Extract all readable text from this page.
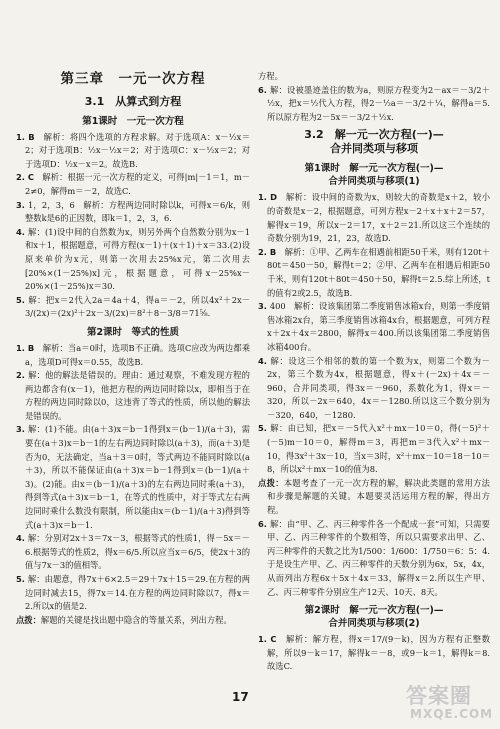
第三章　一元一次方程
3.1　从算式到方程
第1课时　一元一次方程

1. B　解析：将四个选项的方程求解。对于选项A：x－½x＝2；对于选项B：½x－½x＝2；对于选项C：x－½x＝2；对于选项D：½x－x＝2。故选B.

2. C　解析：根据一元一次方程的定义，可得|m|－1＝1，m－2≠0，解得m＝－2，故选C.

3. 1，2，3，6　解析：方程两边同时除以k，可得x＝6/k，则整数k是6的正因数，即k＝1，2，3，6.

4. 解：(1)设中间的自然数为x，则另外两个自然数分别为x－1和x＋1，根据题意，可得方程(x－1)＋(x＋1)＋x＝33.(2)设原来单价为x元，则第一次用去25%x元，第二次用去[20%×(1－25%)x]元，根据题意，可得x－25%x－20%×(1－25%)x＝30.

5. 解：把x＝2代入2a＝4a＋4，得a＝－2，所以4x²＋2x－3/(2x)＝(2x)²＋2x－3/(2x)＝8²＋8－3/8＝71⅝.

第2课时　等式的性质

1. B　解析：当a＝0时，选项B不正确。选项C应改为两边都乘a，选项D可得x＝0.55，故选B.

2. 解：他的解法是错误的。理由：通过观察，不难发现方程的两边都含有(x－1)，他把方程的两边同时除以x，即相当于在方程的两边同时除以0，这违背了等式的性质，所以他的解法是错误的。

3. 解：(1)不能。由(a＋3)x＝b－1得到x＝(b－1)/(a＋3)，需要在(a＋3)x＝b－1的左右两边同时除以(a＋3)，而(a＋3)是否为0，无法确定，当a＋3＝0时，等式两边不能同时除以(a＋3)，所以不能保证由(a＋3)x＝b－1得到x＝(b－1)/(a＋3)。(2)能。由x＝(b－1)/(a＋3)的左右两边同时乘(a＋3)，得到等式(a＋3)x＝b－1，在等式的性质中，对于等式左右两边同时乘什么数没有限制，所以能由x＝(b－1)/(a＋3)得到等式(a＋3)x＝b－1.

4. 解：分别对2x＋3＝7x－3，根据等式的性质1，得－5x＝－6.根据等式的性质2，得x＝6/5.所以应当x＝6/5，使2x＋3的值与7x－3的值相等。

5. 解：由题意，得7x＋6×2.5＝29＋7x＋15＝29.在方程的两边同时减去15，得7x＝14.在方程的两边同时除以7，得x＝2.所以x的值是2.

点拨：解题的关键是找出题中隐含的等量关系，列出方程。

方程。

6. 解：设被墨迹盖住的数为a，则原方程变为2－ax＝－3/2＋½x，把x＝½代入方程，得2－½a＝－3/2＋¼，解得a＝5.所以原方程为2－5x＝－3/2＋½x.

3.2　解一元一次方程(一)—
合并同类项与移项
第1课时　解一元一次方程(一)—
合并同类项与移项(1)

1. D　解析：设中间的奇数为x，则较大的奇数是x＋2，较小的奇数是x－2，根据题意，可列方程x－2＋x＋x＋2＝57，解得x＝19，所以x－2＝17，x＋2＝21.所以这三个连续的奇数分别为19，21，23，故选D.

2. B　解析：①甲、乙两车在相遇前相距50千米，则有120t＋80t＝450－50，解得t＝2；②甲、乙两车在相遇后相距50千米，则有120t＋80t＝450＋50，解得t＝2.5.综上所述，t的值有2或2.5，故选B.

3. 400　解析：设该集团第二季度销售冰箱x台，则第一季度销售冰箱2x台，第三季度销售冰箱4x台，根据题意，可列方程x＋2x＋4x＝2800，解得x＝400.所以该集团第二季度销售冰箱400台。

4. 解：设这三个相邻的数的第一个数为x，则第二个数为－2x，第三个数为4x，根据题意，得x＋(－2x)＋4x＝－960，合并同类项，得3x＝－960，系数化为1，得x＝－320，所以－2x＝640，4x＝－1280.所以这三个数分别为－320，640，－1280.

5. 解：由已知，把x＝－5代入x²＋mx－10＝0，得(－5)²＋(－5)m－10＝0，解得m＝3，再把m＝3代入x²＋mx－10，得3x²＋3x－10，当x＝3时，x²＋mx－10＝18－10＝8，所以x²＋mx－10的值为8.

点拨：本题考查了一元一次方程的解，解决此类题的常用方法和步骤是解题的关键。本题要灵活运用方程的解，得出方程。

6. 解：由“甲、乙、丙三种零件各一个配成一套”可知，只需要甲、乙、丙三种零件的个数相等，所以只需要求出甲、乙、丙三种零件的天数之比为1/500：1/600：1/750＝6：5：4.于是设生产甲、乙、丙三种零件的天数分别为6x，5x，4x，从而列出方程6x＋5x＋4x＝33，解得x＝2.所以生产甲、乙、丙三种零件分别应生产12天、10天、8天。

第2课时　解一元一次方程(一)—
合并同类项与移项(2)

1. C　解析：解方程，得x＝17/(9－k)，因为方程有正整数解，所以9－k＝17，解得k＝－8，或9－k＝1，解得k＝8.故选C.

17	答案圈
MXQE.COM
